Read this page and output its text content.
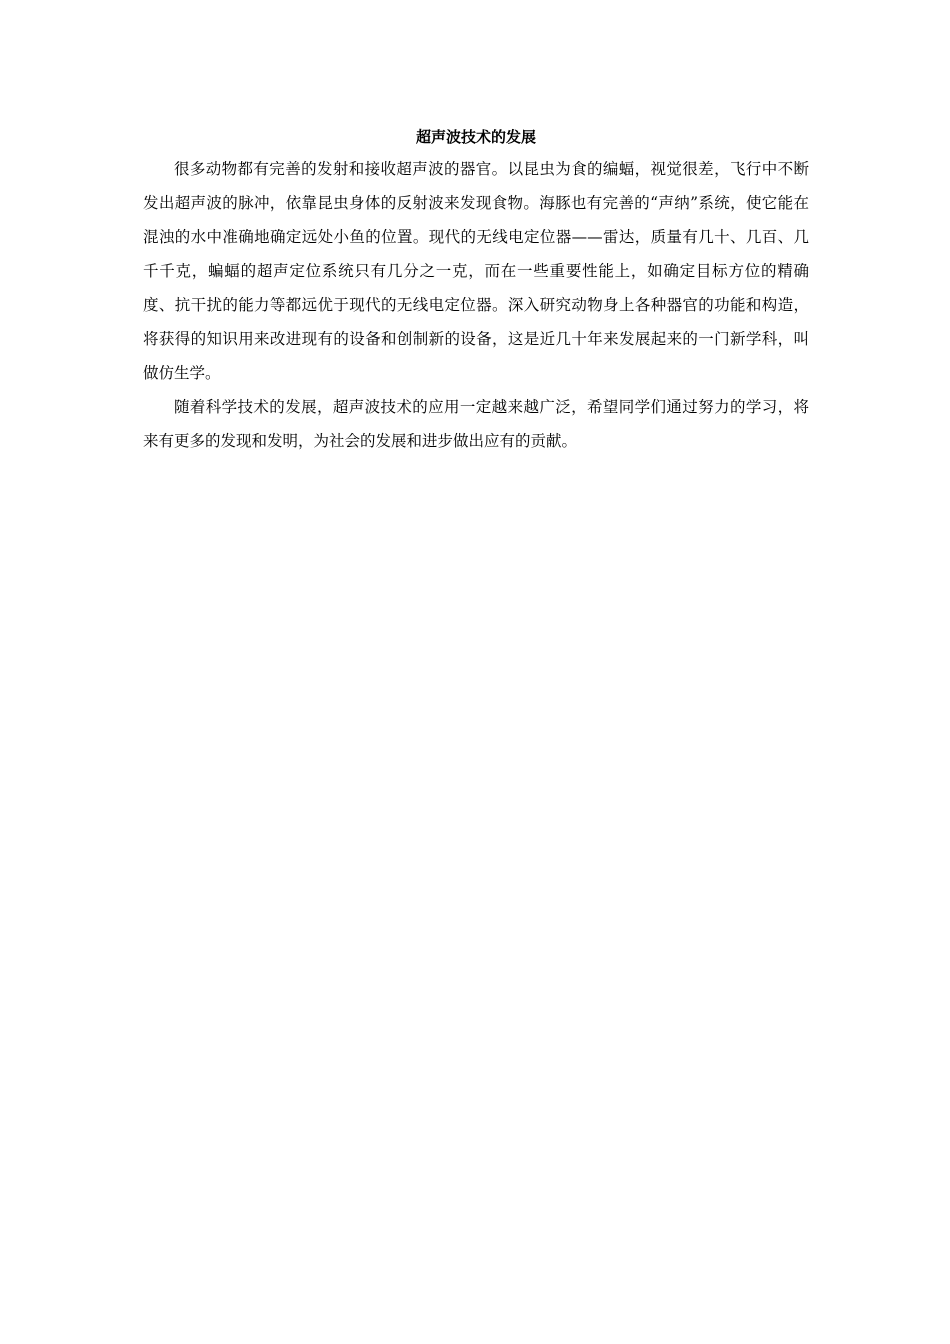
超声波技术的发展

很多动物都有完善的发射和接收超声波的器官。以昆虫为食的编蝠，视觉很差，飞行中不断发出超声波的脉冲，依靠昆虫身体的反射波来发现食物。海豚也有完善的“声纳”系统，使它能在混浊的水中准确地确定远处小鱼的位置。现代的无线电定位器——雷达，质量有几十、几百、几千千克，蝙蝠的超声定位系统只有几分之一克，而在一些重要性能上，如确定目标方位的精确度、抗干扰的能力等都远优于现代的无线电定位器。深入研究动物身上各种器官的功能和构造，将获得的知识用来改进现有的设备和创制新的设备，这是近几十年来发展起来的一门新学科，叫做仿生学。

随着科学技术的发展，超声波技术的应用一定越来越广泛，希望同学们通过努力的学习，将来有更多的发现和发明，为社会的发展和进步做出应有的贡献。
